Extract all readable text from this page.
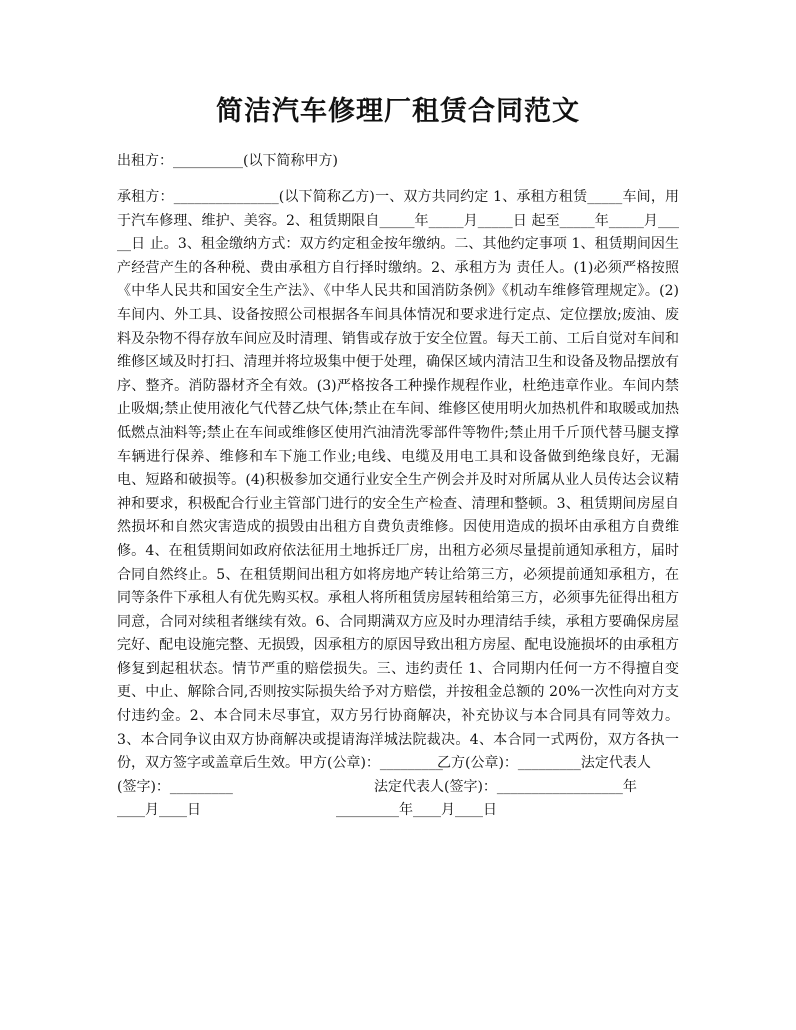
简洁汽车修理厂租赁合同范文

出租方：__________(以下简称甲方)

承租方：_______________(以下简称乙方)一、双方共同约定 1、承租方租赁_____车间，用于汽车修理、维护、美容。2、租赁期限自_____年_____月_____日 起至_____年_____月_____日 止。3、租金缴纳方式：双方约定租金按年缴纳。二、其他约定事项 1、租赁期间因生产经营产生的各种税、费由承租方自行择时缴纳。2、承租方为 责任人。(1)必须严格按照《中华人民共和国安全生产法》、《中华人民共和国消防条例》《机动车维修管理规定》。(2)车间内、外工具、设备按照公司根据各车间具体情况和要求进行定点、定位摆放;废油、废料及杂物不得存放车间应及时清理、销售或存放于安全位置。每天工前、工后自觉对车间和维修区域及时打扫、清理并将垃圾集中便于处理，确保区域内清洁卫生和设备及物品摆放有序、整齐。消防器材齐全有效。(3)严格按各工种操作规程作业，杜绝违章作业。车间内禁止吸烟;禁止使用液化气代替乙炔气体;禁止在车间、维修区使用明火加热机件和取暖或加热低燃点油料等;禁止在车间或维修区使用汽油清洗零部件等物件;禁止用千斤顶代替马腿支撑车辆进行保养、维修和车下施工作业;电线、电缆及用电工具和设备做到绝缘良好，无漏电、短路和破损等。(4)积极参加交通行业安全生产例会并及时对所属从业人员传达会议精神和要求，积极配合行业主管部门进行的安全生产检查、清理和整顿。3、租赁期间房屋自然损坏和自然灾害造成的损毁由出租方自费负责维修。因使用造成的损坏由承租方自费维修。4、在租赁期间如政府依法征用土地拆迁厂房，出租方必须尽量提前通知承租方，届时合同自然终止。5、在租赁期间出租方如将房地产转让给第三方，必须提前通知承租方，在同等条件下承租人有优先购买权。承租人将所租赁房屋转租给第三方，必须事先征得出租方同意，合同对续租者继续有效。6、合同期满双方应及时办理清结手续，承租方要确保房屋完好、配电设施完整、无损毁，因承租方的原因导致出租方房屋、配电设施损坏的由承租方修复到起租状态。情节严重的赔偿损失。三、违约责任 1、合同期内任何一方不得擅自变更、中止、解除合同,否则按实际损失给予对方赔偿，并按租金总额的 20%一次性向对方支付违约金。2、本合同未尽事宜，双方另行协商解决，补充协议与本合同具有同等效力。3、本合同争议由双方协商解决或提请海洋城法院裁决。4、本合同一式两份，双方各执一份，双方签字或盖章后生效。甲方(公章)：_________

乙方(公章)：_________法定代表人

(签字)：_________

	法定代表人(签字)：__________________年

____月____日

	_________年____月____日
